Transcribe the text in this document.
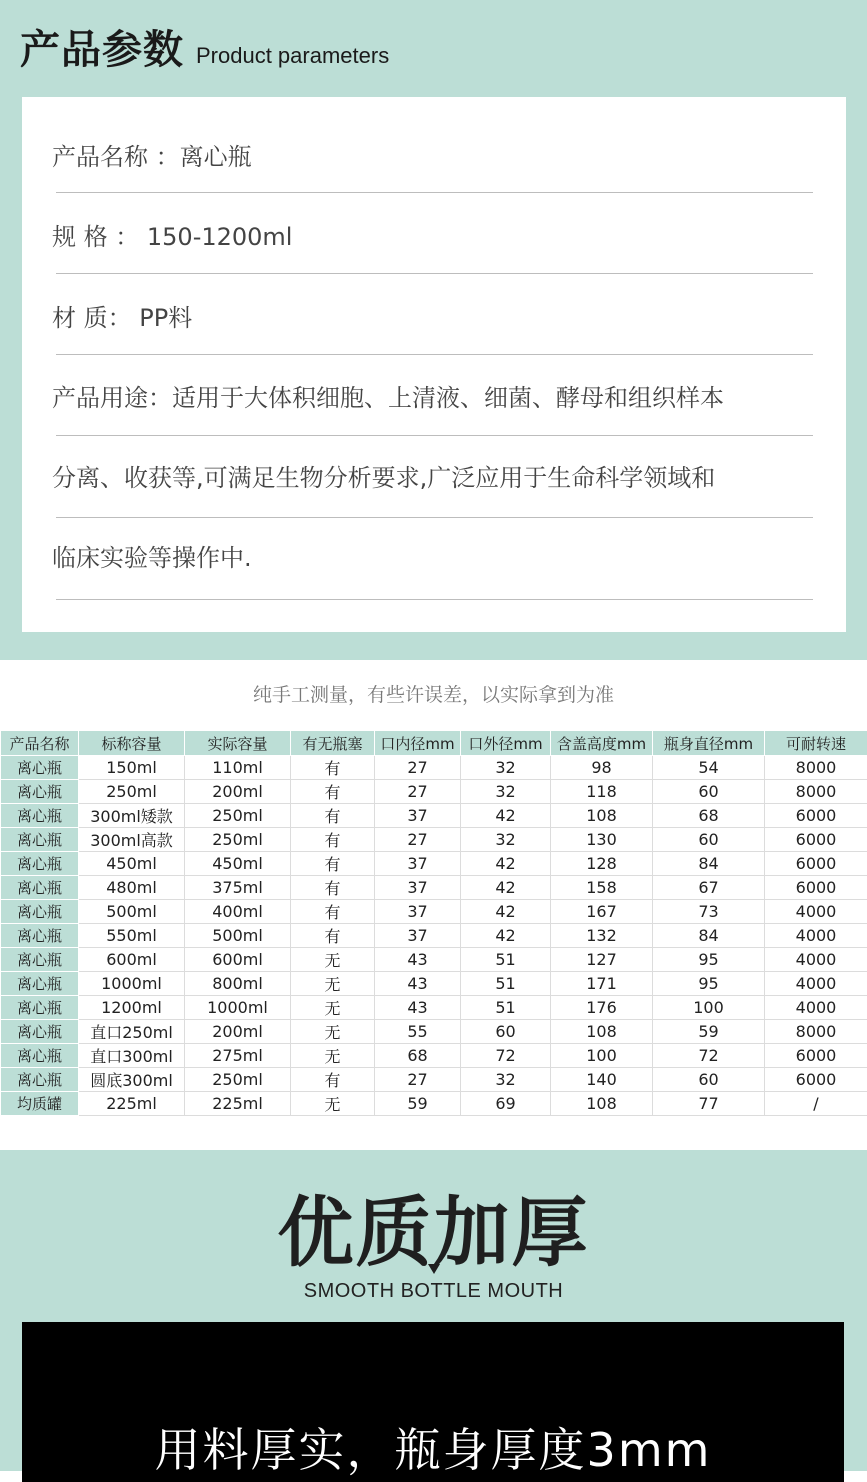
产品参数 Product parameters
产品名称 ：离心瓶
规 格 ： 150-1200ml
材 质： PP料
产品用途：适用于大体积细胞、上清液、细菌、酵母和组织样本
分离、收获等,可满足生物分析要求,广泛应用于生命科学领域和
临床实验等操作中.
纯手工测量，有些许误差，以实际拿到为准
产品名称	标称容量	实际容量	有无瓶塞	口内径mm	口外径mm	含盖高度mm	瓶身直径mm	可耐转速
离心瓶	150ml	110ml	有	27	32	98	54	8000
离心瓶	250ml	200ml	有	27	32	118	60	8000
离心瓶	300ml矮款	250ml	有	37	42	108	68	6000
离心瓶	300ml高款	250ml	有	27	32	130	60	6000
离心瓶	450ml	450ml	有	37	42	128	84	6000
离心瓶	480ml	375ml	有	37	42	158	67	6000
离心瓶	500ml	400ml	有	37	42	167	73	4000
离心瓶	550ml	500ml	有	37	42	132	84	4000
离心瓶	600ml	600ml	无	43	51	127	95	4000
离心瓶	1000ml	800ml	无	43	51	171	95	4000
离心瓶	1200ml	1000ml	无	43	51	176	100	4000
离心瓶	直口250ml	200ml	无	55	60	108	59	8000
离心瓶	直口300ml	275ml	无	68	72	100	72	6000
离心瓶	圆底300ml	250ml	有	27	32	140	60	6000
均质罐	225ml	225ml	无	59	69	108	77	/
优质加厚
SMOOTH BOTTLE MOUTH
用料厚实，瓶身厚度3mm
